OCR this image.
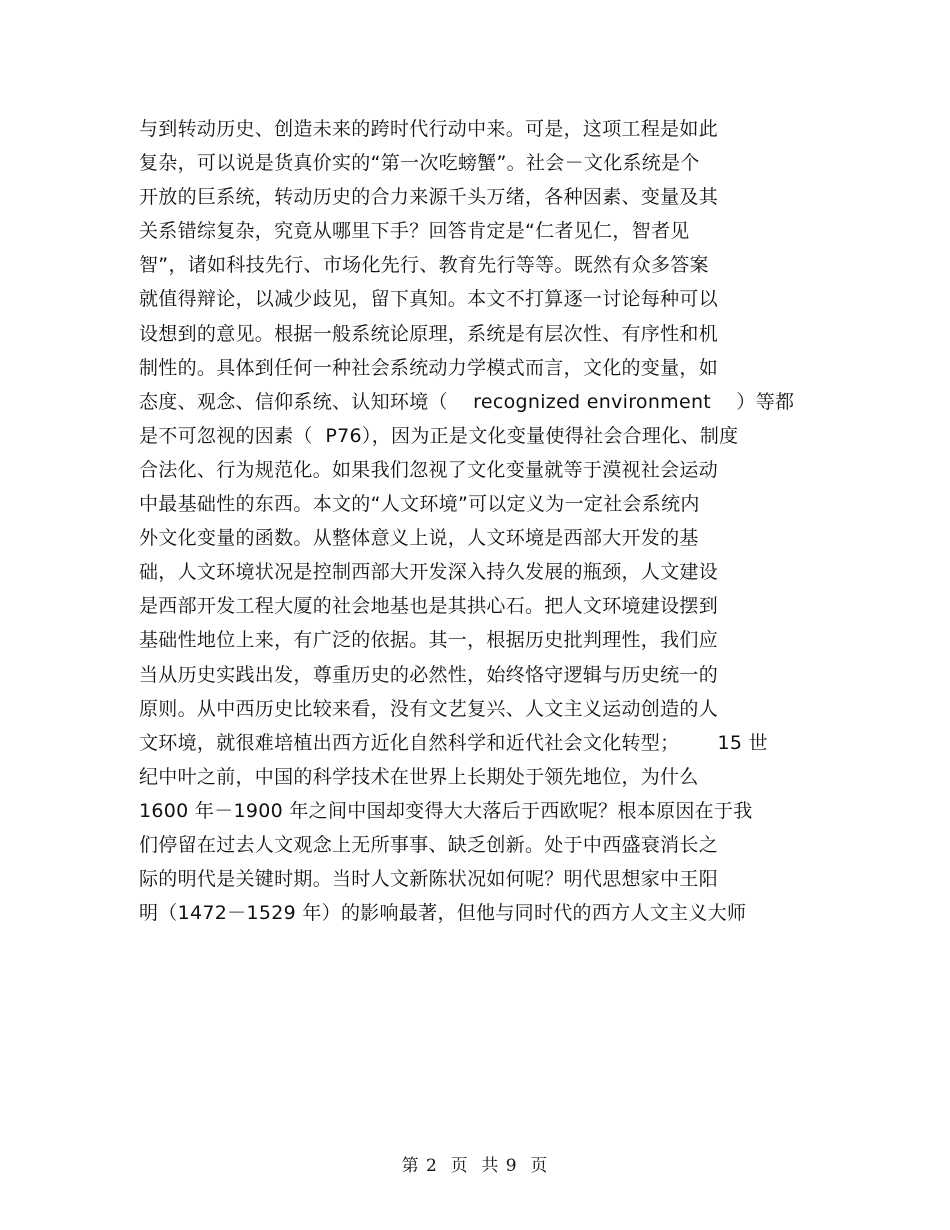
与到转动历史、创造未来的跨时代行动中来。可是，这项工程是如此
复杂，可以说是货真价实的“第一次吃螃蟹”。社会－文化系统是个
开放的巨系统，转动历史的合力来源千头万绪，各种因素、变量及其
关系错综复杂，究竟从哪里下手？回答肯定是“仁者见仁，智者见
智”，诸如科技先行、市场化先行、教育先行等等。既然有众多答案
就值得辩论，以减少歧见，留下真知。本文不打算逐一讨论每种可以
设想到的意见。根据一般系统论原理，系统是有层次性、有序性和机
制性的。具体到任何一种社会系统动力学模式而言，文化的变量，如
态度、观念、信仰系统、认知环境（    recognized environment    ）等都
是不可忽视的因素（  P76），因为正是文化变量使得社会合理化、制度
合法化、行为规范化。如果我们忽视了文化变量就等于漠视社会运动
中最基础性的东西。本文的“人文环境”可以定义为一定社会系统内
外文化变量的函数。从整体意义上说，人文环境是西部大开发的基
础，人文环境状况是控制西部大开发深入持久发展的瓶颈，人文建设
是西部开发工程大厦的社会地基也是其拱心石。把人文环境建设摆到
基础性地位上来，有广泛的依据。其一，根据历史批判理性，我们应
当从历史实践出发，尊重历史的必然性，始终恪守逻辑与历史统一的
原则。从中西历史比较来看，没有文艺复兴、人文主义运动创造的人
文环境，就很难培植出西方近化自然科学和近代社会文化转型；      15 世
纪中叶之前，中国的科学技术在世界上长期处于领先地位，为什么
1600 年－1900 年之间中国却变得大大落后于西欧呢？根本原因在于我
们停留在过去人文观念上无所事事、缺乏创新。处于中西盛衰消长之
际的明代是关键时期。当时人文新陈状况如何呢？明代思想家中王阳
明（1472－1529 年）的影响最著，但他与同时代的西方人文主义大师
第 2  页  共 9  页
